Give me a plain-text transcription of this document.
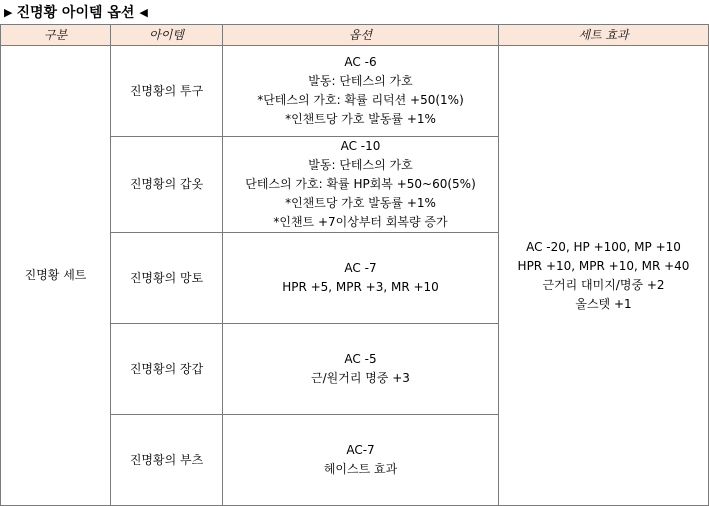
▶ 진명황 아이템 옵션 ◀
구분	아이템	옵션	세트 효과
진명황 세트	진명황의 투구	AC -6
발동: 단테스의 가호
*단테스의 가호: 확률 리덕션 +50(1%)
*인챈트당 가호 발동률 +1%	AC -20, HP +100, MP +10
HPR +10, MPR +10, MR +40
근거리 대미지/명중 +2
올스텟 +1

	진명황의 갑옷	AC -10
발동: 단테스의 가호
단테스의 가호: 확률 HP회복 +50~60(5%)
*인챈트당 가호 발동률 +1%
*인챈트 +7이상부터 회복량 증가	

	진명황의 망토	AC -7
HPR +5, MPR +3, MR +10	

	진명황의 장갑	AC -5
근/원거리 명중 +3	

	진명황의 부츠	AC-7
헤이스트 효과	
